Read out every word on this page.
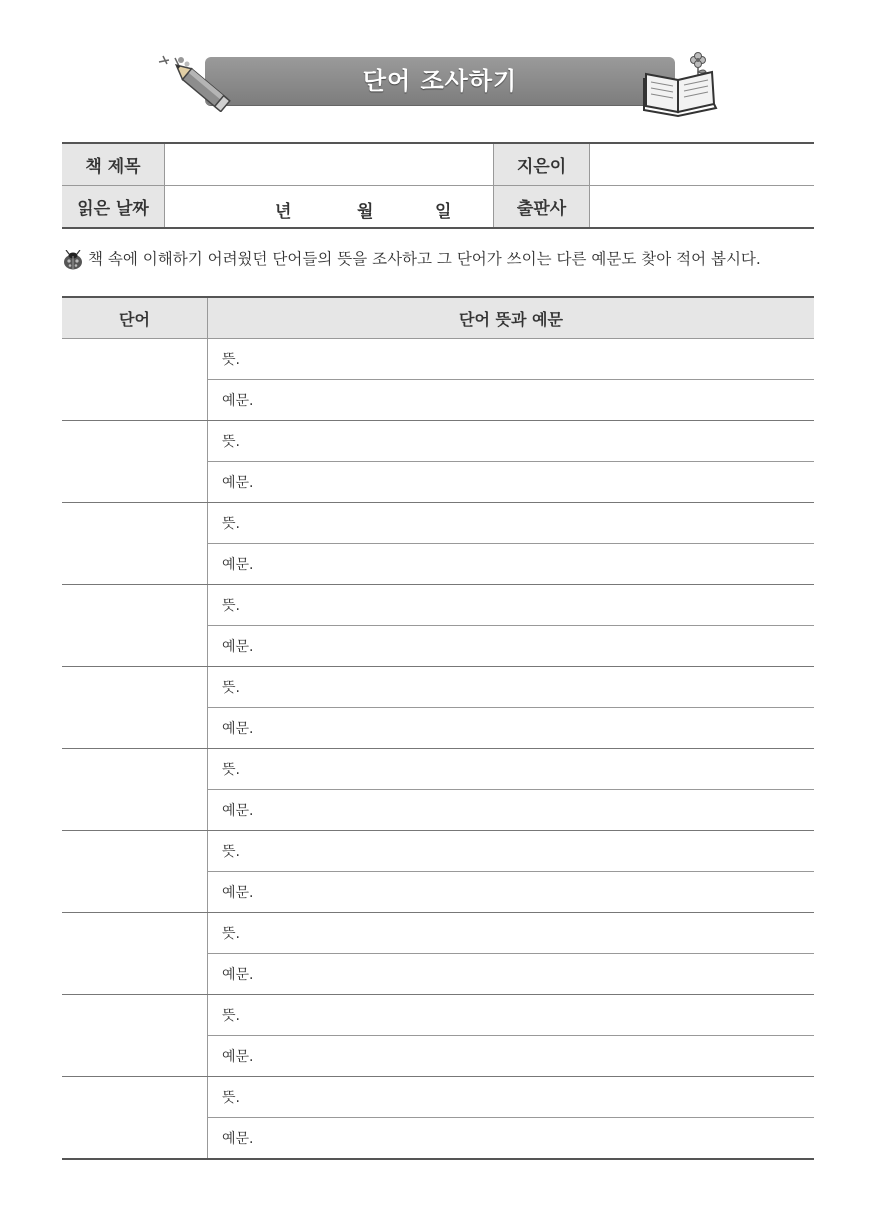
단어 조사하기
책 제목		지은이	
읽은 날짜	년 월 일	출판사	
책 속에 이해하기 어려웠던 단어들의 뜻을 조사하고 그 단어가 쓰이는 다른 예문도 찾아 적어 봅시다.
단어	단어 뜻과 예문
	뜻.
	예문.
	뜻.
	예문.
	뜻.
	예문.
	뜻.
	예문.
	뜻.
	예문.
	뜻.
	예문.
	뜻.
	예문.
	뜻.
	예문.
	뜻.
	예문.
	뜻.
	예문.
